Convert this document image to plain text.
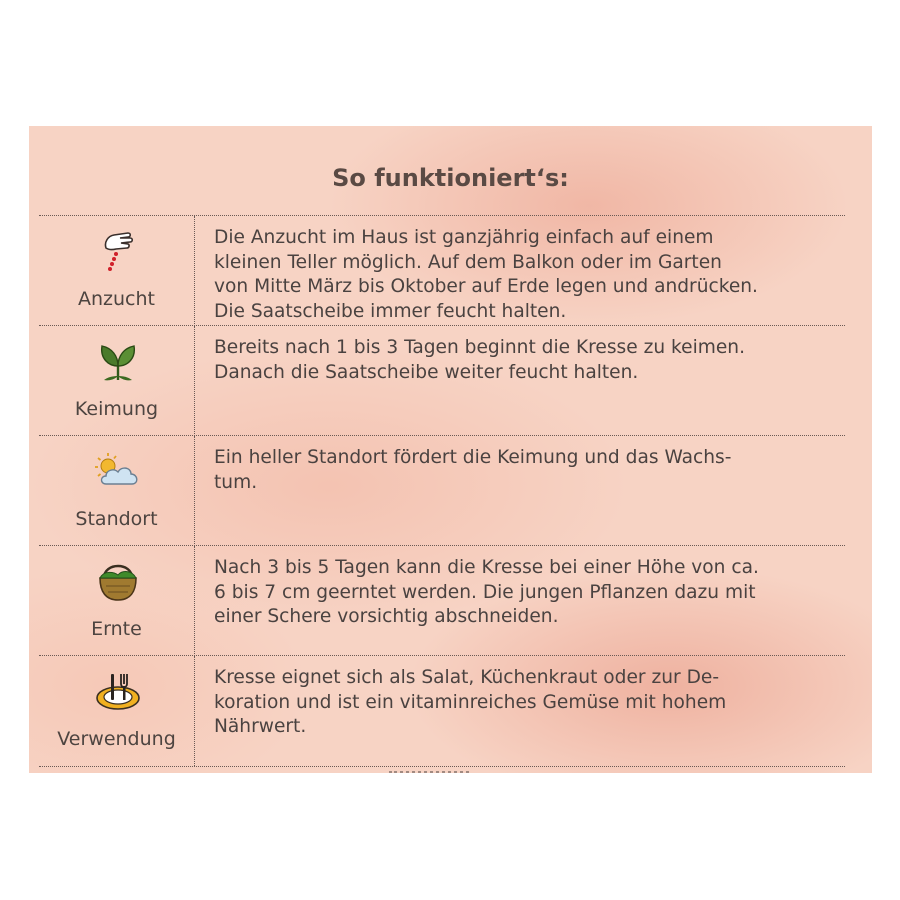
So funktioniert‘s:
Anzucht
Die Anzucht im Haus ist ganzjährig einfach auf einem
kleinen Teller möglich. Auf dem Balkon oder im Garten
von Mitte März bis Oktober auf Erde legen und andrücken.
Die Saatscheibe immer feucht halten.
Keimung
Bereits nach 1 bis 3 Tagen beginnt die Kresse zu keimen.
Danach die Saatscheibe weiter feucht halten.
Standort
Ein heller Standort fördert die Keimung und das Wachs-
tum.
Ernte
Nach 3 bis 5 Tagen kann die Kresse bei einer Höhe von ca.
6 bis 7 cm geerntet werden. Die jungen Pflanzen dazu mit
einer Schere vorsichtig abschneiden.
Verwendung
Kresse eignet sich als Salat, Küchenkraut oder zur De-
koration und ist ein vitaminreiches Gemüse mit hohem
Nährwert.
